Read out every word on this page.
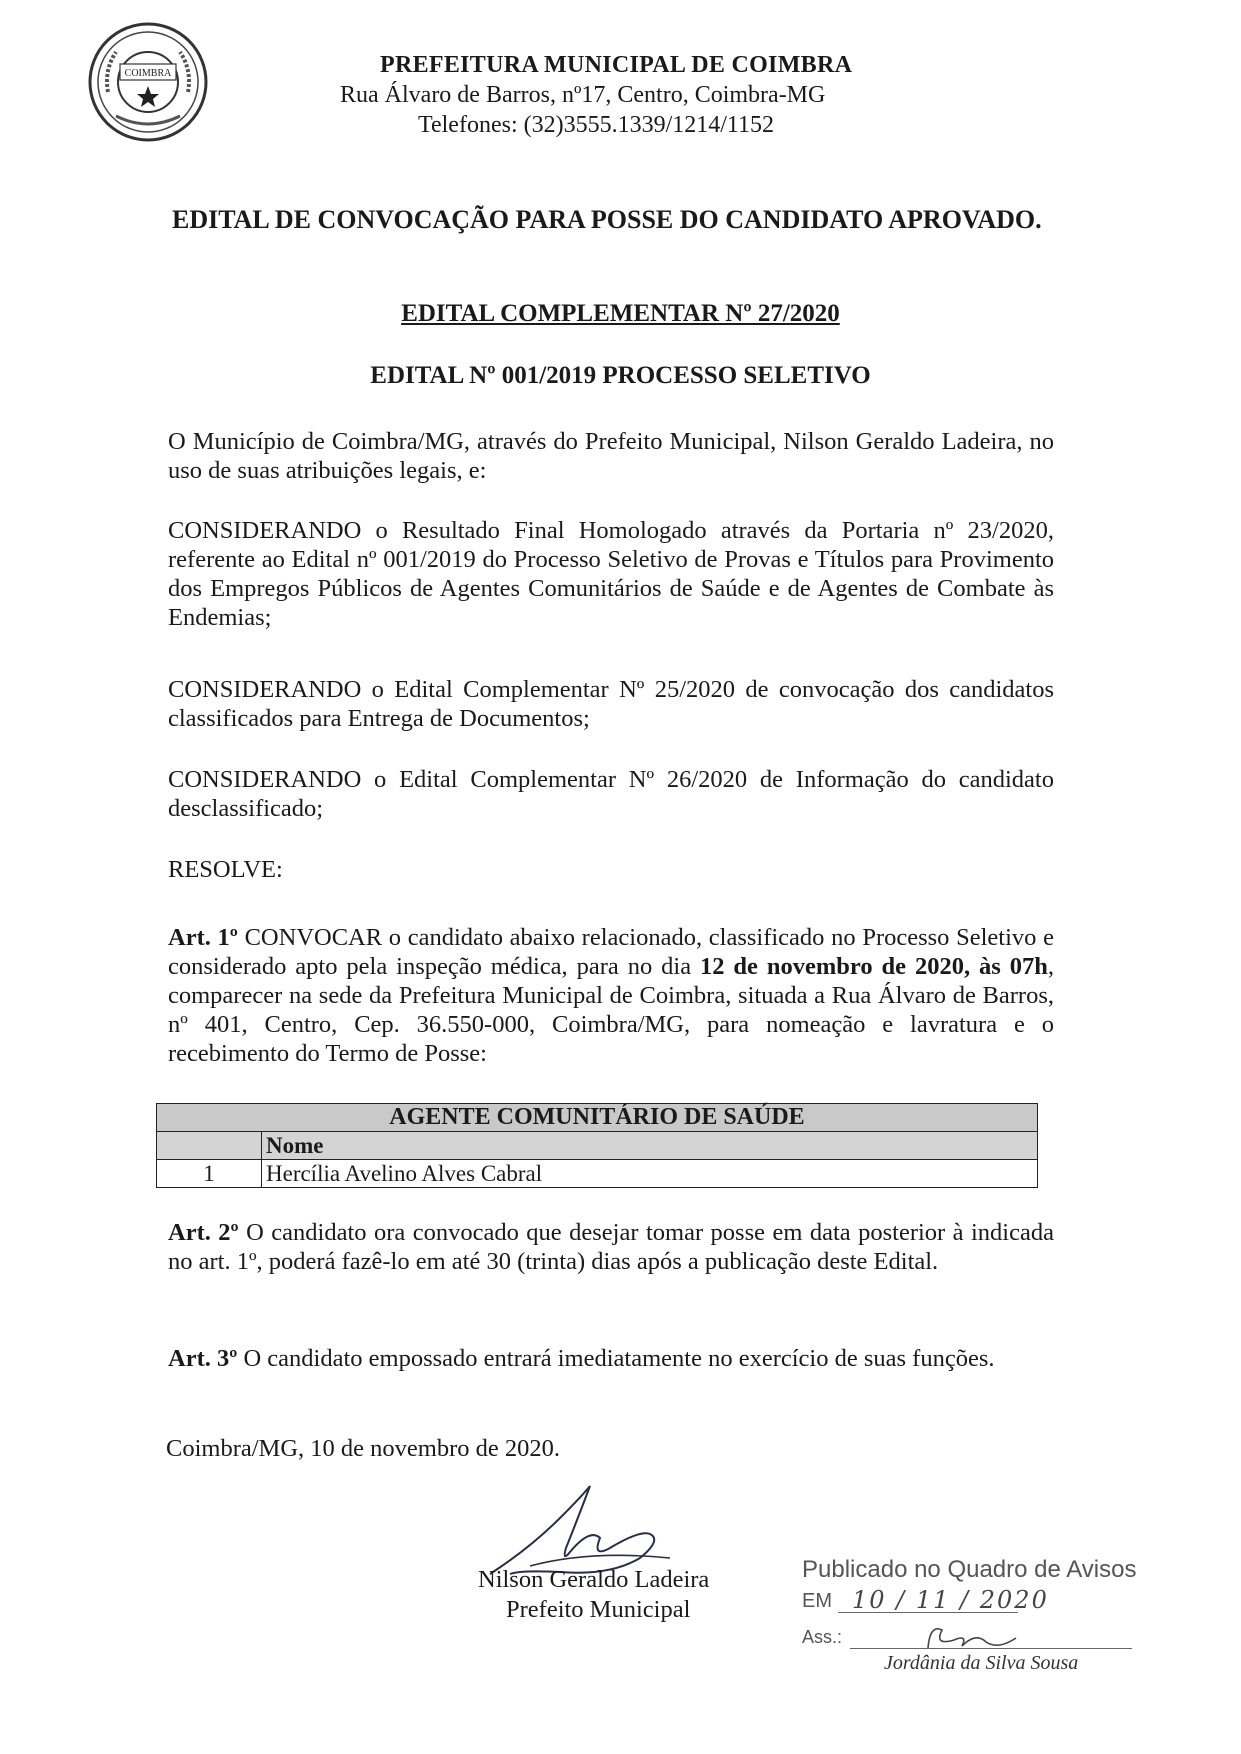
COIMBRA	PREFEITURA MUNICIPAL DE COIMBRA
Rua Álvaro de Barros, nº17, Centro, Coimbra-MG
Telefones: (32)3555.1339/1214/1152
EDITAL DE CONVOCAÇÃO PARA POSSE DO CANDIDATO APROVADO.
EDITAL COMPLEMENTAR Nº 27/2020
EDITAL Nº 001/2019 PROCESSO SELETIVO
O Município de Coimbra/MG, através do Prefeito Municipal, Nilson Geraldo Ladeira, no uso de suas atribuições legais, e:
CONSIDERANDO o Resultado Final Homologado através da Portaria nº 23/2020, referente ao Edital nº 001/2019 do Processo Seletivo de Provas e Títulos para Provimento dos Empregos Públicos de Agentes Comunitários de Saúde e de Agentes de Combate às Endemias;
CONSIDERANDO o Edital Complementar Nº 25/2020 de convocação dos candidatos classificados para Entrega de Documentos;
CONSIDERANDO o Edital Complementar Nº 26/2020 de Informação do candidato desclassificado;
RESOLVE:
Art. 1º CONVOCAR o candidato abaixo relacionado, classificado no Processo Seletivo e considerado apto pela inspeção médica, para no dia 12 de novembro de 2020, às 07h, comparecer na sede da Prefeitura Municipal de Coimbra, situada a Rua Álvaro de Barros, nº 401, Centro, Cep. 36.550-000, Coimbra/MG, para nomeação e lavratura e o recebimento do Termo de Posse:
AGENTE COMUNITÁRIO DE SAÚDE	
	Nome
1	Hercília Avelino Alves Cabral
Art. 2º O candidato ora convocado que desejar tomar posse em data posterior à indicada no art. 1º, poderá fazê-lo em até 30 (trinta) dias após a publicação deste Edital.
Art. 3º O candidato empossado entrará imediatamente no exercício de suas funções.
Coimbra/MG, 10 de novembro de 2020.
Nilson Geraldo Ladeira
Prefeito Municipal
Publicado no Quadro de Avisos
EM 10 / 11 / 2020
Ass.:
Jordânia da Silva Sousa
